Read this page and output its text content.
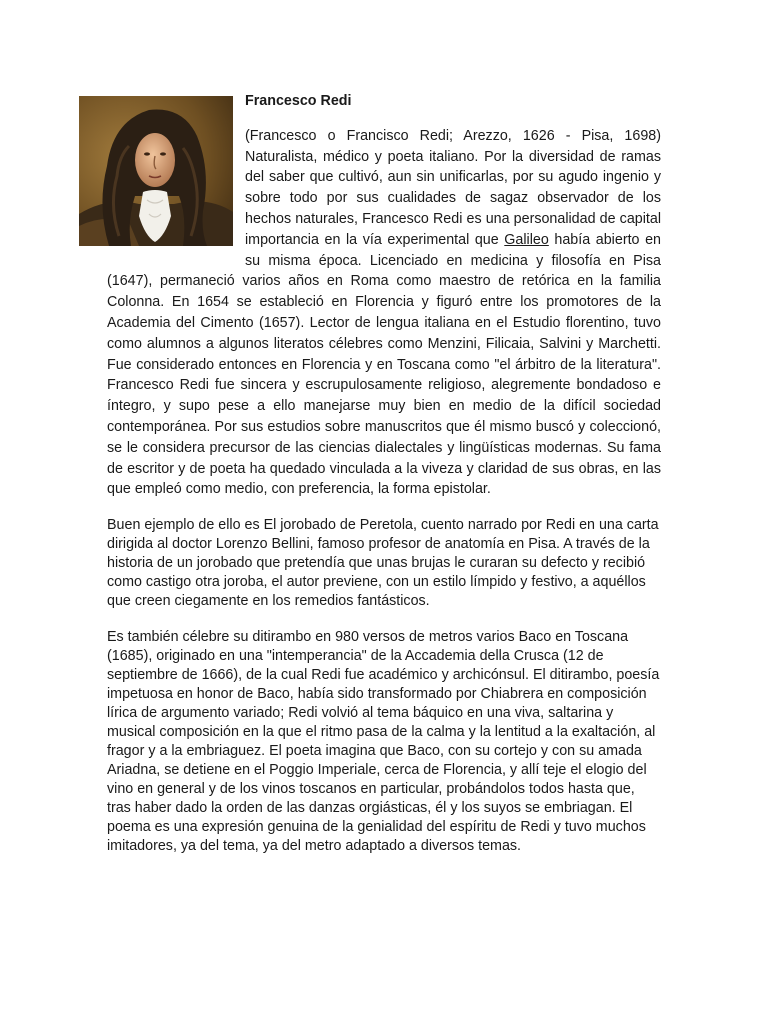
Francesco Redi

(Francesco o Francisco Redi; Arezzo, 1626 - Pisa, 1698) Naturalista, médico y poeta italiano. Por la diversidad de ramas del saber que cultivó, aun sin unificarlas, por su agudo ingenio y sobre todo por sus cualidades de sagaz observador de los hechos naturales, Francesco Redi es una personalidad de capital importancia en la vía experimental que Galileo había abierto en su misma época. Licenciado en medicina y filosofía en Pisa (1647), permaneció varios años en Roma como maestro de retórica en la familia Colonna. En 1654 se estableció en Florencia y figuró entre los promotores de la Academia del Cimento (1657). Lector de lengua italiana en el Estudio florentino, tuvo como alumnos a algunos literatos célebres como Menzini, Filicaia, Salvini y Marchetti. Fue considerado entonces en Florencia y en Toscana como "el árbitro de la literatura". Francesco Redi fue sincera y escrupulosamente religioso, alegremente bondadoso e íntegro, y supo pese a ello manejarse muy bien en medio de la difícil sociedad contemporánea. Por sus estudios sobre manuscritos que él mismo buscó y coleccionó, se le considera precursor de las ciencias dialectales y lingüísticas modernas. Su fama de escritor y de poeta ha quedado vinculada a la viveza y claridad de sus obras, en las que empleó como medio, con preferencia, la forma epistolar.

Buen ejemplo de ello es El jorobado de Peretola, cuento narrado por Redi en una carta dirigida al doctor Lorenzo Bellini, famoso profesor de anatomía en Pisa. A través de la historia de un jorobado que pretendía que unas brujas le curaran su defecto y recibió como castigo otra joroba, el autor previene, con un estilo límpido y festivo, a aquéllos que creen ciegamente en los remedios fantásticos.

Es también célebre su ditirambo en 980 versos de metros varios Baco en Toscana (1685), originado en una "intemperancia" de la Accademia della Crusca (12 de septiembre de 1666), de la cual Redi fue académico y archicónsul. El ditirambo, poesía impetuosa en honor de Baco, había sido transformado por Chiabrera en composición lírica de argumento variado; Redi volvió al tema báquico en una viva, saltarina y musical composición en la que el ritmo pasa de la calma y la lentitud a la exaltación, al fragor y a la embriaguez. El poeta imagina que Baco, con su cortejo y con su amada Ariadna, se detiene en el Poggio Imperiale, cerca de Florencia, y allí teje el elogio del vino en general y de los vinos toscanos en particular, probándolos todos hasta que, tras haber dado la orden de las danzas orgiásticas, él y los suyos se embriagan. El poema es una expresión genuina de la genialidad del espíritu de Redi y tuvo muchos imitadores, ya del tema, ya del metro adaptado a diversos temas.
